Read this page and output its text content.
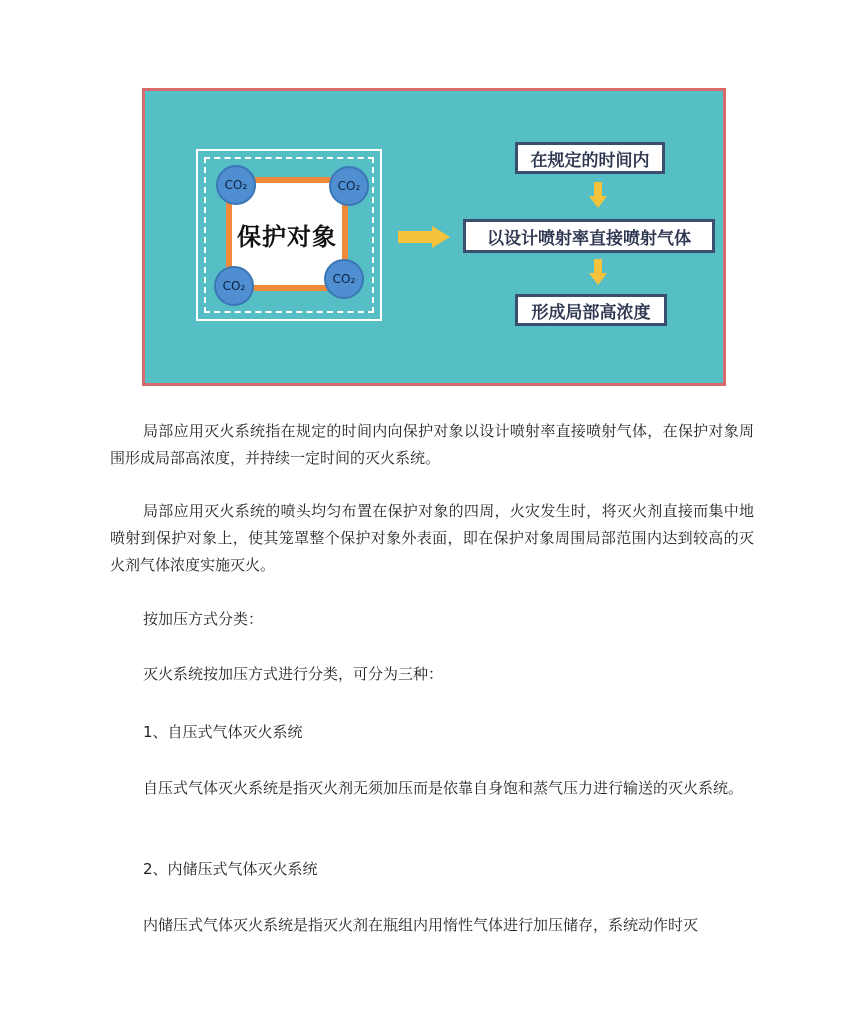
保护对象
CO₂	CO₂
CO₂	CO₂
在规定的时间内
以设计喷射率直接喷射气体
形成局部高浓度

局部应用灭火系统指在规定的时间内向保护对象以设计喷射率直接喷射气体，在保护对象周围形成局部高浓度，并持续一定时间的灭火系统。

局部应用灭火系统的喷头均匀布置在保护对象的四周，火灾发生时，将灭火剂直接而集中地喷射到保护对象上，使其笼罩整个保护对象外表面，即在保护对象周围局部范围内达到较高的灭火剂气体浓度实施灭火。

按加压方式分类：

灭火系统按加压方式进行分类，可分为三种：

1、自压式气体灭火系统

自压式气体灭火系统是指灭火剂无须加压而是依靠自身饱和蒸气压力进行输送的灭火系统。

2、内储压式气体灭火系统

内储压式气体灭火系统是指灭火剂在瓶组内用惰性气体进行加压储存，系统动作时灭
